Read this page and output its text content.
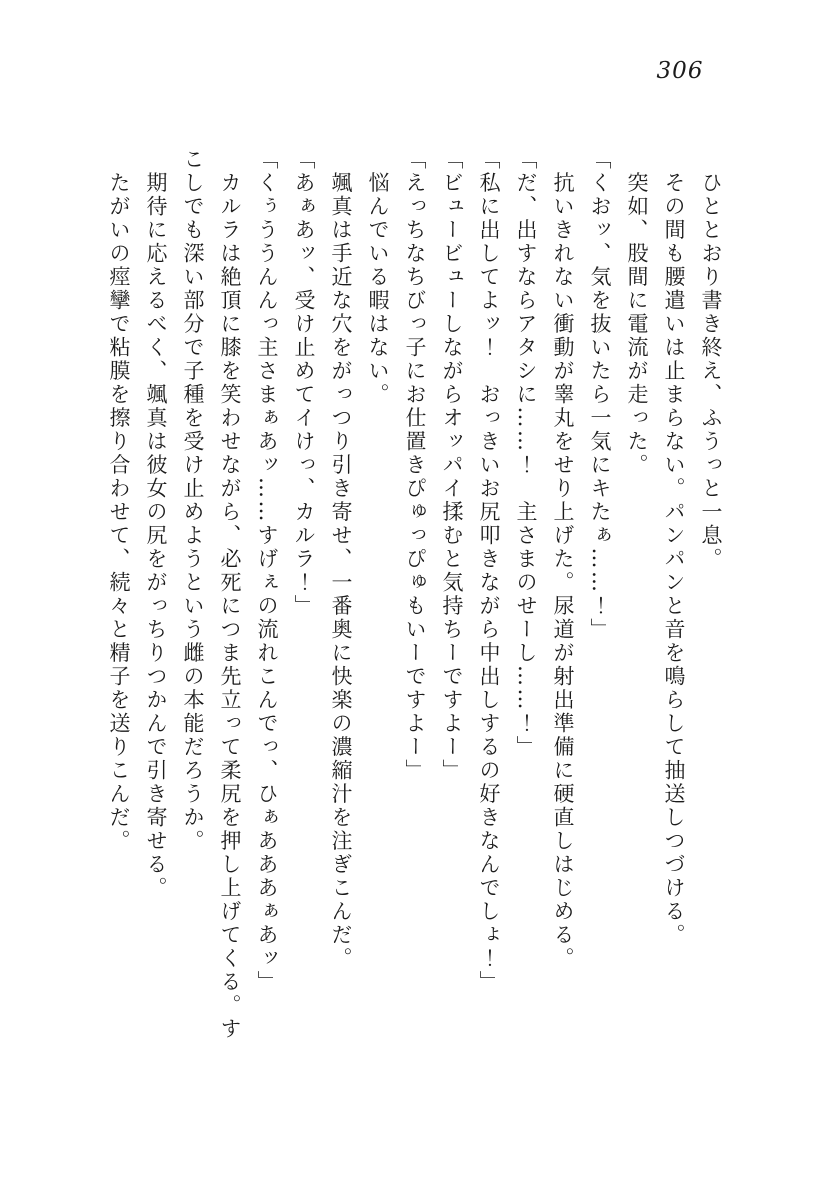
306

　ひととおり書き終え、ふうっと一息。

　その間も腰遣いは止まらない。パンパンと音を鳴らして抽送しつづける。

　突如、股間に電流が走った。

「くおッ、気を抜いたら一気にキたぁ……！」

　抗いきれない衝動が睾丸をせり上げた。尿道が射出準備に硬直しはじめる。

「だ、出すならアタシに……！　主さまのせーし……！」

「私に出してよッ！　おっきいお尻叩きながら中出しするの好きなんでしょ！」

「ビュービューしながらオッパイ揉むと気持ちーですよー」

「えっちなちびっ子にお仕置きぴゅっぴゅもいーですよー」

　悩んでいる暇はない。

　颯真は手近な穴をがっつり引き寄せ、一番奥に快楽の濃縮汁を注ぎこんだ。

「あぁあッ、受け止めてイけっ、カルラ！」

「くぅううんんっ主さまぁあッ……すげぇの流れこんでっ、ひぁあああぁあッ」

　カルラは絶頂に膝を笑わせながら、必死につま先立って柔尻を押し上げてくる。す

こしでも深い部分で子種を受け止めようという雌の本能だろうか。

　期待に応えるべく、颯真は彼女の尻をがっちりつかんで引き寄せる。

　たがいの痙攣で粘膜を擦り合わせて、続々と精子を送りこんだ。
